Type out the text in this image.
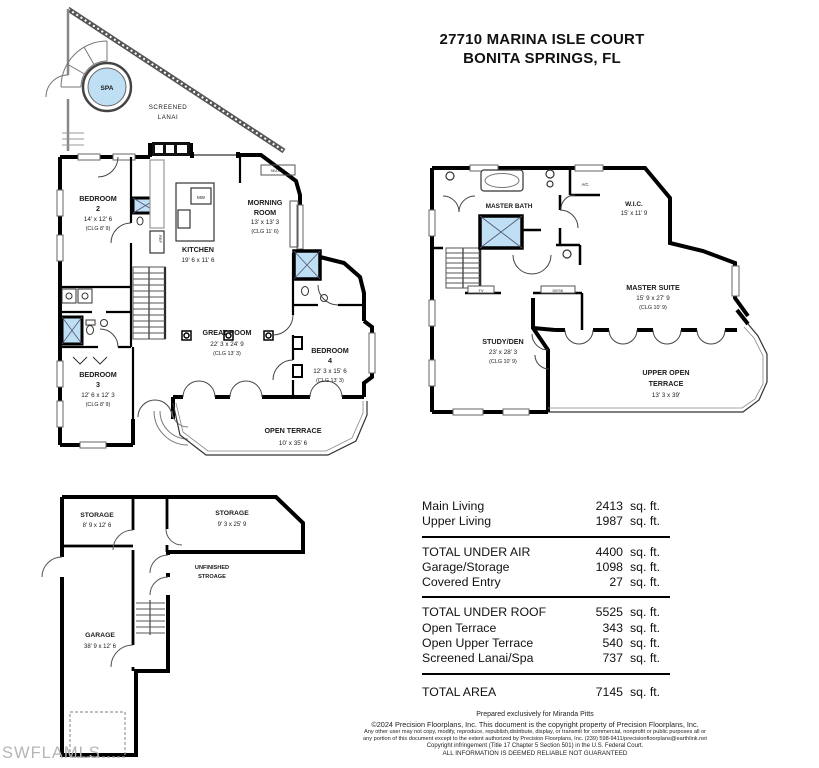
27710 MARINA ISLE COURT
BONITA SPRINGS, FL
SPA
SCREENED
LANAI
MW
REF
SEATING
BEDROOM
2
14' x 12' 6
(CLG 8' 9)
KITCHEN
19' 6 x 11' 6
MORNING
ROOM
13' x 13' 3
(CLG 11' 6)
GREAT ROOM
22' 3 x 24' 9
(CLG 13' 3)
BEDROOM
3
12' 6 x 12' 3
(CLG 8' 9)
BEDROOM
4
12' 3 x 15' 6
(CLG 13' 3)
OPEN TERRACE
10' x 35' 6
TV	DESK
MASTER BATH
A/C
W.I.C.
15' x 11' 9
MASTER SUITE
15' 9 x 27' 9
(CLG 10' 9)
STUDY/DEN
23' x 28' 3
(CLG 10' 9)
UPPER OPEN
TERRACE
13' 3 x 39'
STORAGE
8' 9 x 12' 6
STORAGE
9' 3 x 25' 9
UNFINISHED
STROAGE
GARAGE
38' 9 x 12' 6
Main Living	2413 sq. ft.
Upper Living	1987 sq. ft.
TOTAL UNDER AIR	4400 sq. ft.
Garage/Storage	1098 sq. ft.
Covered Entry	27 sq. ft.
TOTAL UNDER ROOF	5525 sq. ft.
Open Terrace	343 sq. ft.
Open Upper Terrace	540 sq. ft.
Screened Lanai/Spa	737 sq. ft.
TOTAL AREA	7145 sq. ft.
Prepared exclusively for Miranda Pitts
©2024 Precision Floorplans, Inc. This document is the copyright property of Precision Floorplans, Inc.
Any other user may not copy, modify, reproduce, republish,distribute, display, or transmit for commercial, nonprofit or public purposes all or
any portion of this document except to the extent authorized by Precision Floorplans, Inc. (239) 598-9411/precisionfloorplans@earthlink.net
Copyright infringement (Title 17 Chapter 5 Section 501) in the U.S. Federal Court.
ALL INFORMATION IS DEEMED RELIABLE NOT GUARANTEED
SWFLAMLS
